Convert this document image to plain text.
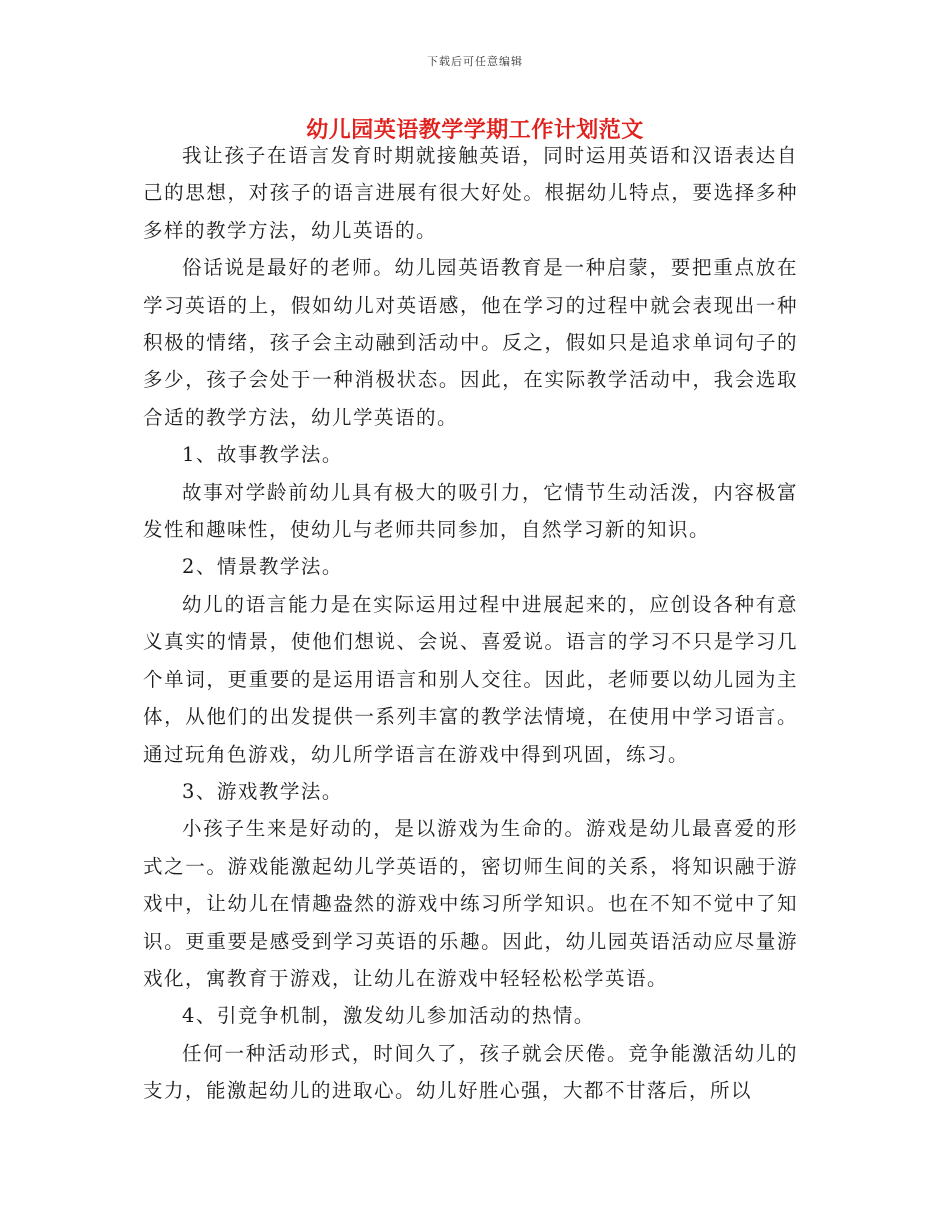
下载后可任意编辑
幼儿园英语教学学期工作计划范文

我让孩子在语言发育时期就接触英语，同时运用英语和汉语表达自己的思想，对孩子的语言进展有很大好处。根据幼儿特点，要选择多种多样的教学方法，幼儿英语的。

俗话说是最好的老师。幼儿园英语教育是一种启蒙，要把重点放在学习英语的上，假如幼儿对英语感，他在学习的过程中就会表现出一种积极的情绪，孩子会主动融到活动中。反之，假如只是追求单词句子的多少，孩子会处于一种消极状态。因此，在实际教学活动中，我会选取合适的教学方法，幼儿学英语的。

1、故事教学法。

故事对学龄前幼儿具有极大的吸引力，它情节生动活泼，内容极富发性和趣味性，使幼儿与老师共同参加，自然学习新的知识。

2、情景教学法。

幼儿的语言能力是在实际运用过程中进展起来的，应创设各种有意义真实的情景，使他们想说、会说、喜爱说。语言的学习不只是学习几个单词，更重要的是运用语言和别人交往。因此，老师要以幼儿园为主体，从他们的出发提供一系列丰富的教学法情境，在使用中学习语言。通过玩角色游戏，幼儿所学语言在游戏中得到巩固，练习。

3、游戏教学法。

小孩子生来是好动的，是以游戏为生命的。游戏是幼儿最喜爱的形式之一。游戏能激起幼儿学英语的，密切师生间的关系，将知识融于游戏中，让幼儿在情趣盎然的游戏中练习所学知识。也在不知不觉中了知识。更重要是感受到学习英语的乐趣。因此，幼儿园英语活动应尽量游戏化，寓教育于游戏，让幼儿在游戏中轻轻松松学英语。

4、引竞争机制，激发幼儿参加活动的热情。

任何一种活动形式，时间久了，孩子就会厌倦。竞争能激活幼儿的支力，能激起幼儿的进取心。幼儿好胜心强，大都不甘落后，所以
